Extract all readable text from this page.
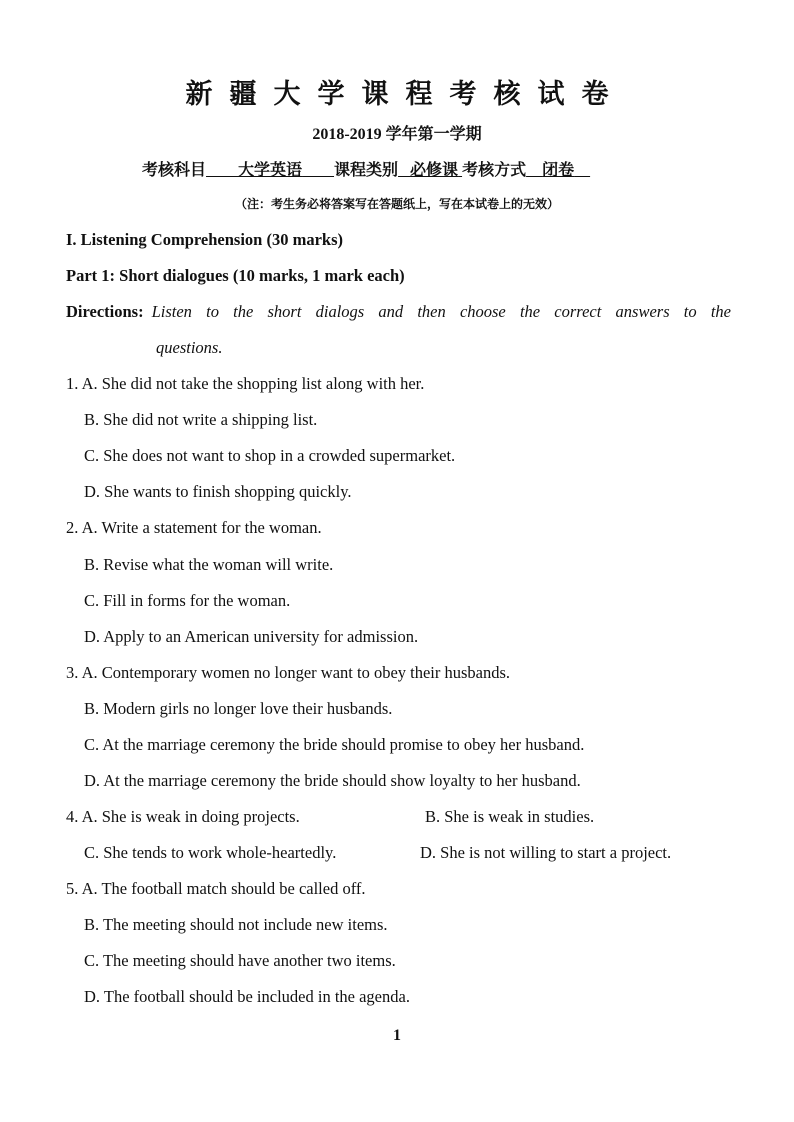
新疆大学课程考核试卷
2018-2019 学年第一学期
考核科目 大学英语 课程类别 必修课 考核方式 闭卷
（注：考生务必将答案写在答题纸上，写在本试卷上的无效）
I. Listening Comprehension (30 marks)
Part 1: Short dialogues (10 marks, 1 mark each)
Directions: Listen to the short dialogs and then choose the correct answers to the
questions.
1. A. She did not take the shopping list along with her.
B. She did not write a shipping list.
C. She does not want to shop in a crowded supermarket.
D. She wants to finish shopping quickly.
2. A. Write a statement for the woman.
B. Revise what the woman will write.
C. Fill in forms for the woman.
D. Apply to an American university for admission.
3. A. Contemporary women no longer want to obey their husbands.
B. Modern girls no longer love their husbands.
C. At the marriage ceremony the bride should promise to obey her husband.
D. At the marriage ceremony the bride should show loyalty to her husband.
4. A. She is weak in doing projects.	B. She is weak in studies.
C. She tends to work whole-heartedly.	D. She is not willing to start a project.
5. A. The football match should be called off.
B. The meeting should not include new items.
C. The meeting should have another two items.
D. The football should be included in the agenda.
1
